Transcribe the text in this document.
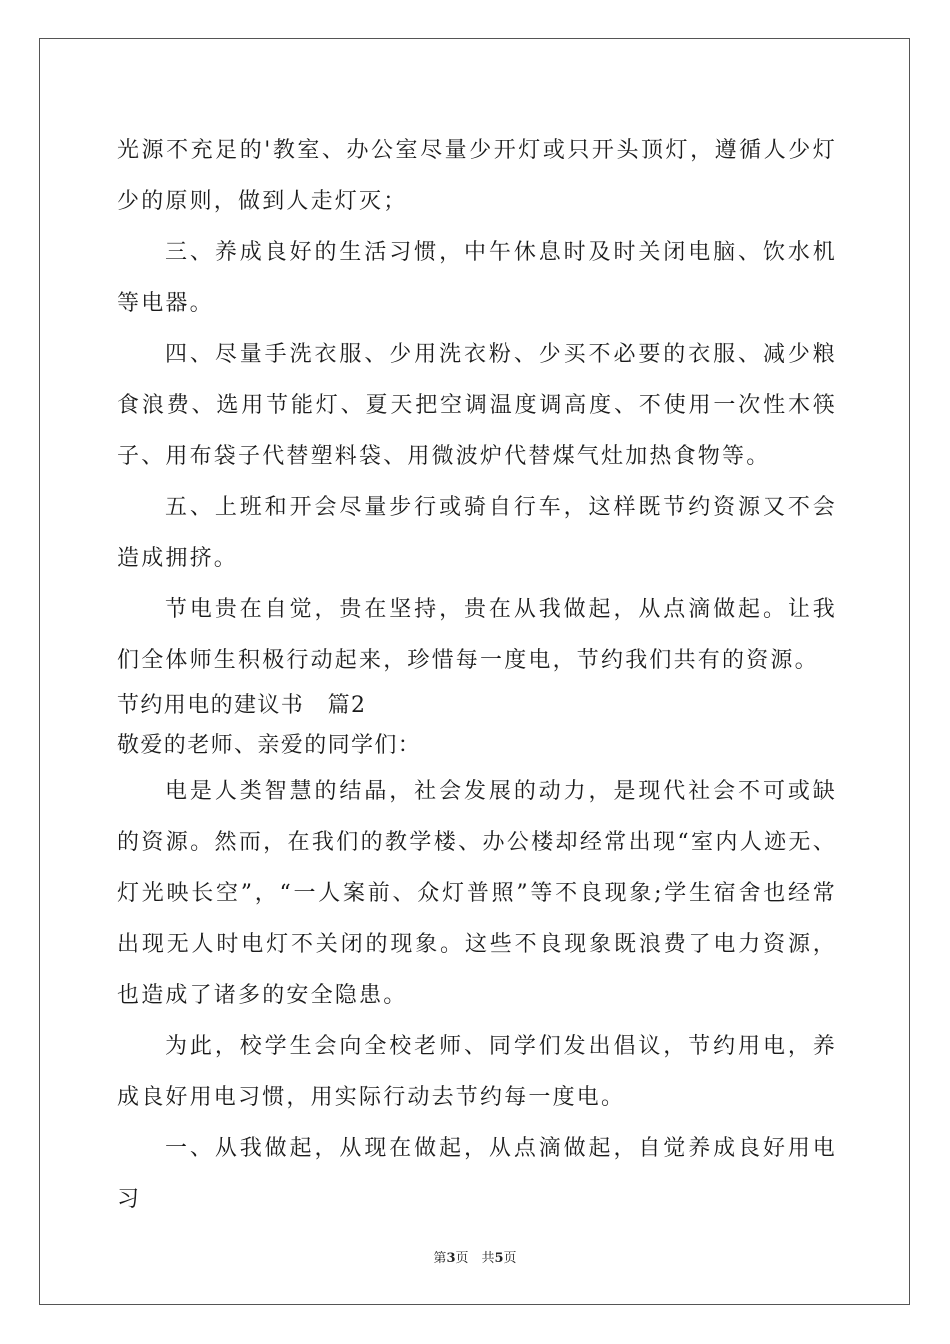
光源不充足的'教室、办公室尽量少开灯或只开头顶灯，遵循人少灯少的原则，做到人走灯灭；

三、养成良好的生活习惯，中午休息时及时关闭电脑、饮水机等电器。

四、尽量手洗衣服、少用洗衣粉、少买不必要的衣服、减少粮食浪费、选用节能灯、夏天把空调温度调高度、不使用一次性木筷子、用布袋子代替塑料袋、用微波炉代替煤气灶加热食物等。

五、上班和开会尽量步行或骑自行车，这样既节约资源又不会造成拥挤。

节电贵在自觉，贵在坚持，贵在从我做起，从点滴做起。让我们全体师生积极行动起来，珍惜每一度电，节约我们共有的资源。

节约用电的建议书　篇2

敬爱的老师、亲爱的同学们：

电是人类智慧的结晶，社会发展的动力，是现代社会不可或缺的资源。然而，在我们的教学楼、办公楼却经常出现“室内人迹无、灯光映长空”，“一人案前、众灯普照”等不良现象;学生宿舍也经常出现无人时电灯不关闭的现象。这些不良现象既浪费了电力资源，也造成了诸多的安全隐患。

为此，校学生会向全校老师、同学们发出倡议，节约用电，养成良好用电习惯，用实际行动去节约每一度电。

一、从我做起，从现在做起，从点滴做起，自觉养成良好用电习

第3页　共5页
